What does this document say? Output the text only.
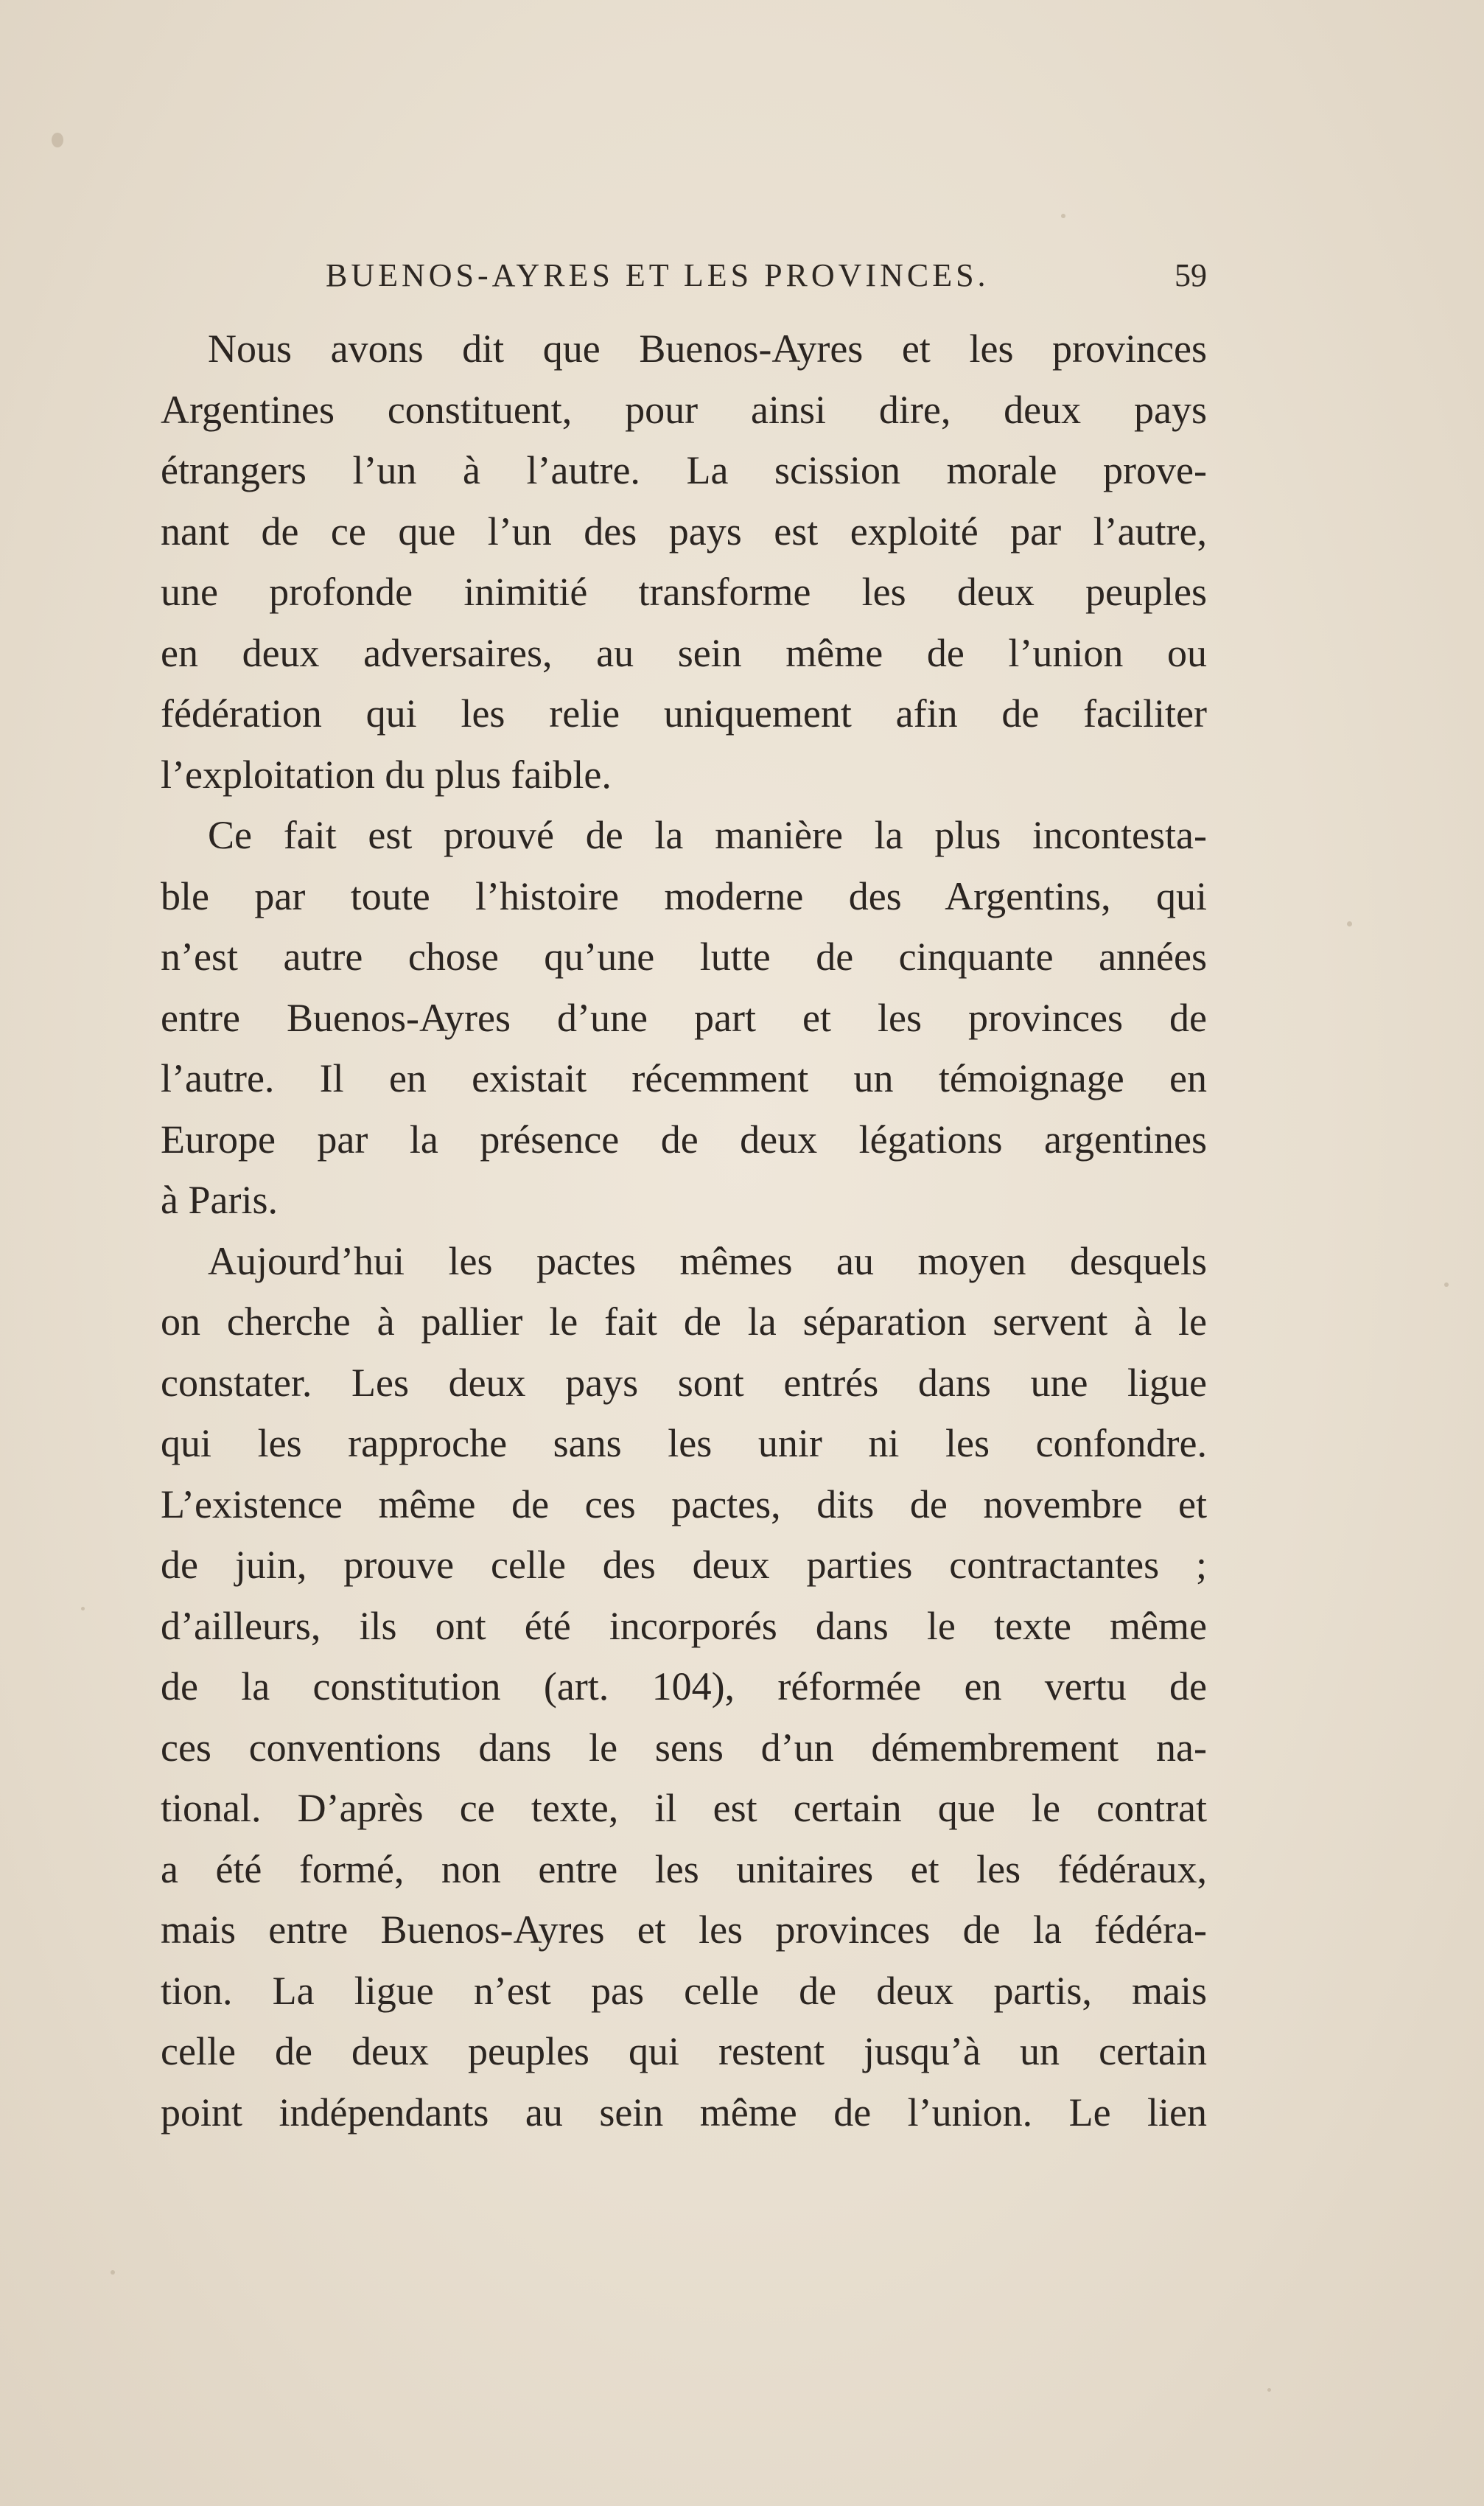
BUENOS-AYRES ET LES PROVINCES.	59
Nous avons dit que Buenos-Ayres et les provinces
Argentines constituent, pour ainsi dire, deux pays
étrangers l’un à l’autre. La scission morale prove-
nant de ce que l’un des pays est exploité par l’autre,
une profonde inimitié transforme les deux peuples
en deux adversaires, au sein même de l’union ou
fédération qui les relie uniquement afin de faciliter
l’exploitation du plus faible.
Ce fait est prouvé de la manière la plus incontesta-
ble par toute l’histoire moderne des Argentins, qui
n’est autre chose qu’une lutte de cinquante années
entre Buenos-Ayres d’une part et les provinces de
l’autre. Il en existait récemment un témoignage en
Europe par la présence de deux légations argentines
à Paris.
Aujourd’hui les pactes mêmes au moyen desquels
on cherche à pallier le fait de la séparation servent à le
constater. Les deux pays sont entrés dans une ligue
qui les rapproche sans les unir ni les confondre.
L’existence même de ces pactes, dits de novembre et
de juin, prouve celle des deux parties contractantes ;
d’ailleurs, ils ont été incorporés dans le texte même
de la constitution (art. 104), réformée en vertu de
ces conventions dans le sens d’un démembrement na-
tional. D’après ce texte, il est certain que le contrat
a été formé, non entre les unitaires et les fédéraux,
mais entre Buenos-Ayres et les provinces de la fédéra-
tion. La ligue n’est pas celle de deux partis, mais
celle de deux peuples qui restent jusqu’à un certain
point indépendants au sein même de l’union. Le lien
